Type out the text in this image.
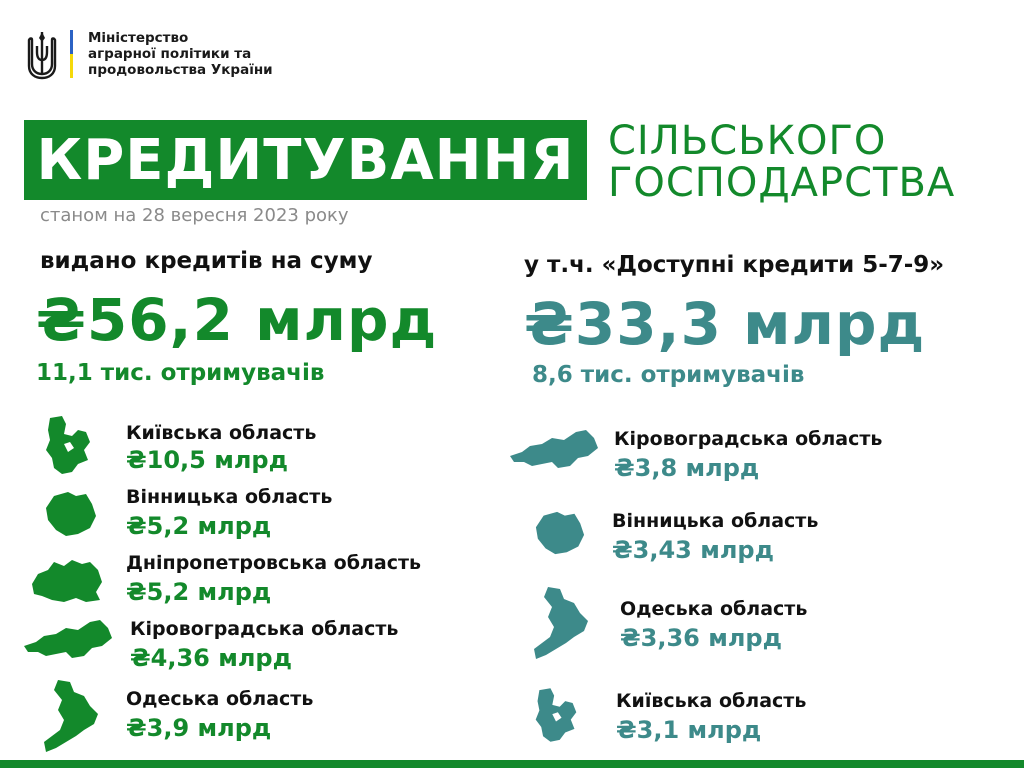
Міністерство
аграрної політики та
продовольства України
КРЕДИТУВАННЯ СІЛЬСЬКОГО
ГОСПОДАРСТВА
станом на 28 вересня 2023 року
видано кредитів на суму
₴56,2 млрд
11,1 тис. отримувачів
у т.ч. «Доступні кредити 5-7-9»
₴33,3 млрд
8,6 тис. отримувачів
Київська область
₴10,5 млрд
Вінницька область
₴5,2 млрд
Дніпропетровська область
₴5,2 млрд
Кіровоградська область
₴4,36 млрд
Одеська область
₴3,9 млрд
Кіровоградська область
₴3,8 млрд
Вінницька область
₴3,43 млрд
Одеська область
₴3,36 млрд
Київська область
₴3,1 млрд
